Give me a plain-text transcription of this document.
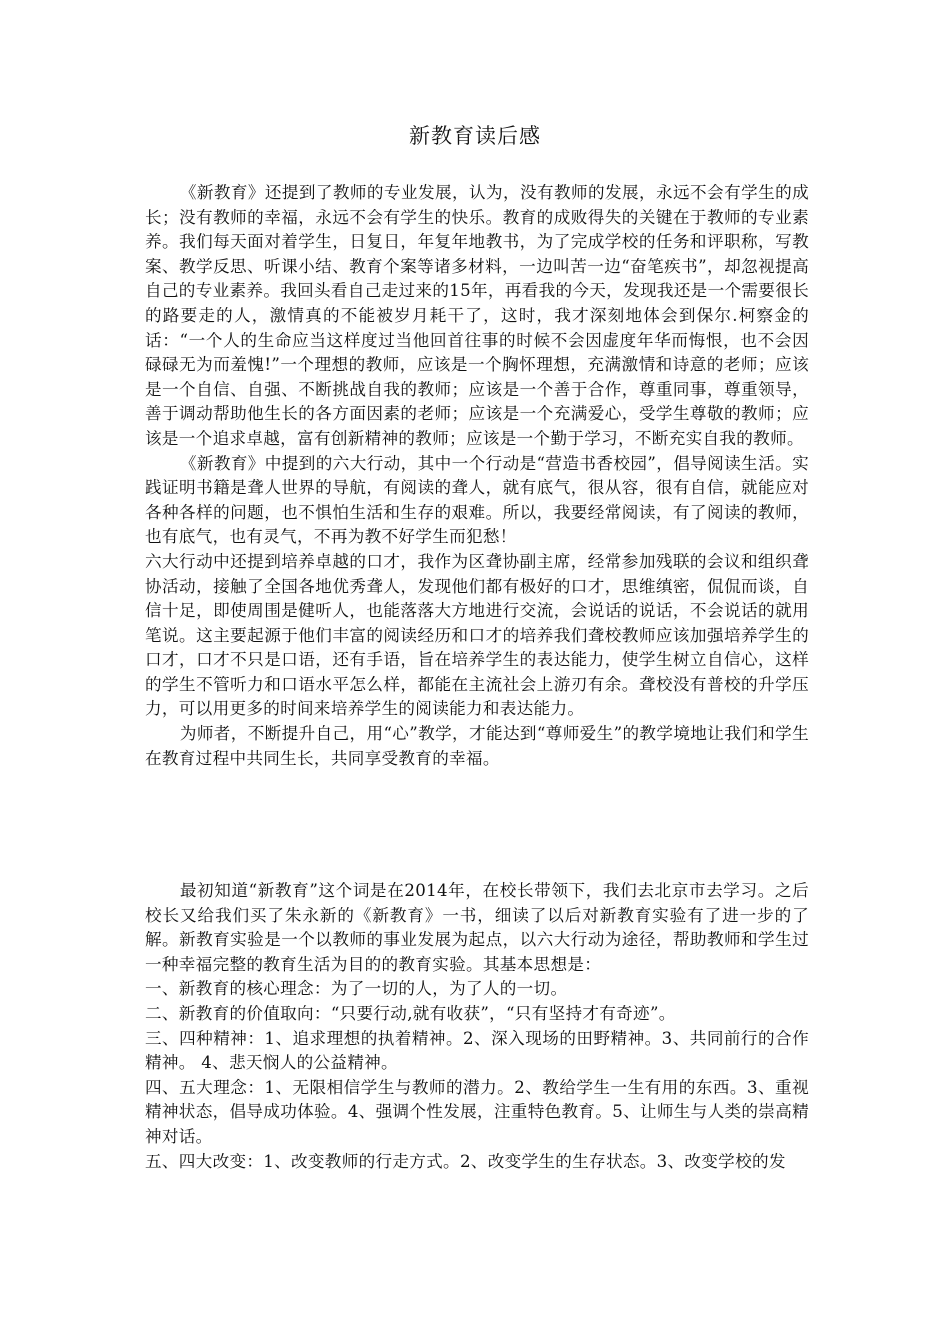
新教育读后感

《新教育》还提到了教师的专业发展，认为，没有教师的发展，永远不会有学生的成长；没有教师的幸福，永远不会有学生的快乐。教育的成败得失的关键在于教师的专业素养。我们每天面对着学生，日复日，年复年地教书，为了完成学校的任务和评职称，写教案、教学反思、听课小结、教育个案等诸多材料，一边叫苦一边“奋笔疾书”，却忽视提高自己的专业素养。我回头看自己走过来的15年，再看我的今天，发现我还是一个需要很长的路要走的人，激情真的不能被岁月耗干了，这时，我才深刻地体会到保尔.柯察金的话：“一个人的生命应当这样度过当他回首往事的时候不会因虚度年华而悔恨，也不会因碌碌无为而羞愧!”一个理想的教师，应该是一个胸怀理想，充满激情和诗意的老师；应该是一个自信、自强、不断挑战自我的教师；应该是一个善于合作，尊重同事，尊重领导，善于调动帮助他生长的各方面因素的老师；应该是一个充满爱心，受学生尊敬的教师；应该是一个追求卓越，富有创新精神的教师；应该是一个勤于学习，不断充实自我的教师。

《新教育》中提到的六大行动，其中一个行动是“营造书香校园”，倡导阅读生活。实践证明书籍是聋人世界的导航，有阅读的聋人，就有底气，很从容，很有自信，就能应对各种各样的问题，也不惧怕生活和生存的艰难。所以，我要经常阅读，有了阅读的教师，也有底气，也有灵气，不再为教不好学生而犯愁！

六大行动中还提到培养卓越的口才，我作为区聋协副主席，经常参加残联的会议和组织聋协活动，接触了全国各地优秀聋人，发现他们都有极好的口才，思维缜密，侃侃而谈，自信十足，即使周围是健听人，也能落落大方地进行交流，会说话的说话，不会说话的就用笔说。这主要起源于他们丰富的阅读经历和口才的培养我们聋校教师应该加强培养学生的口才，口才不只是口语，还有手语，旨在培养学生的表达能力，使学生树立自信心，这样的学生不管听力和口语水平怎么样，都能在主流社会上游刃有余。聋校没有普校的升学压力，可以用更多的时间来培养学生的阅读能力和表达能力。

为师者，不断提升自己，用“心”教学，才能达到“尊师爱生”的教学境地让我们和学生在教育过程中共同生长，共同享受教育的幸福。

最初知道“新教育”这个词是在2014年，在校长带领下，我们去北京市去学习。之后校长又给我们买了朱永新的《新教育》一书，细读了以后对新教育实验有了进一步的了解。新教育实验是一个以教师的事业发展为起点，以六大行动为途径，帮助教师和学生过一种幸福完整的教育生活为目的的教育实验。其基本思想是：

一、新教育的核心理念：为了一切的人，为了人的一切。

二、新教育的价值取向：“只要行动,就有收获”，“只有坚持才有奇迹”。

三、四种精神：1、追求理想的执着精神。2、深入现场的田野精神。3、共同前行的合作精神。 4、悲天悯人的公益精神。

四、五大理念：1、无限相信学生与教师的潜力。2、教给学生一生有用的东西。3、重视精神状态，倡导成功体验。4、强调个性发展，注重特色教育。5、让师生与人类的崇高精神对话。

五、四大改变：1、改变教师的行走方式。2、改变学生的生存状态。3、改变学校的发
